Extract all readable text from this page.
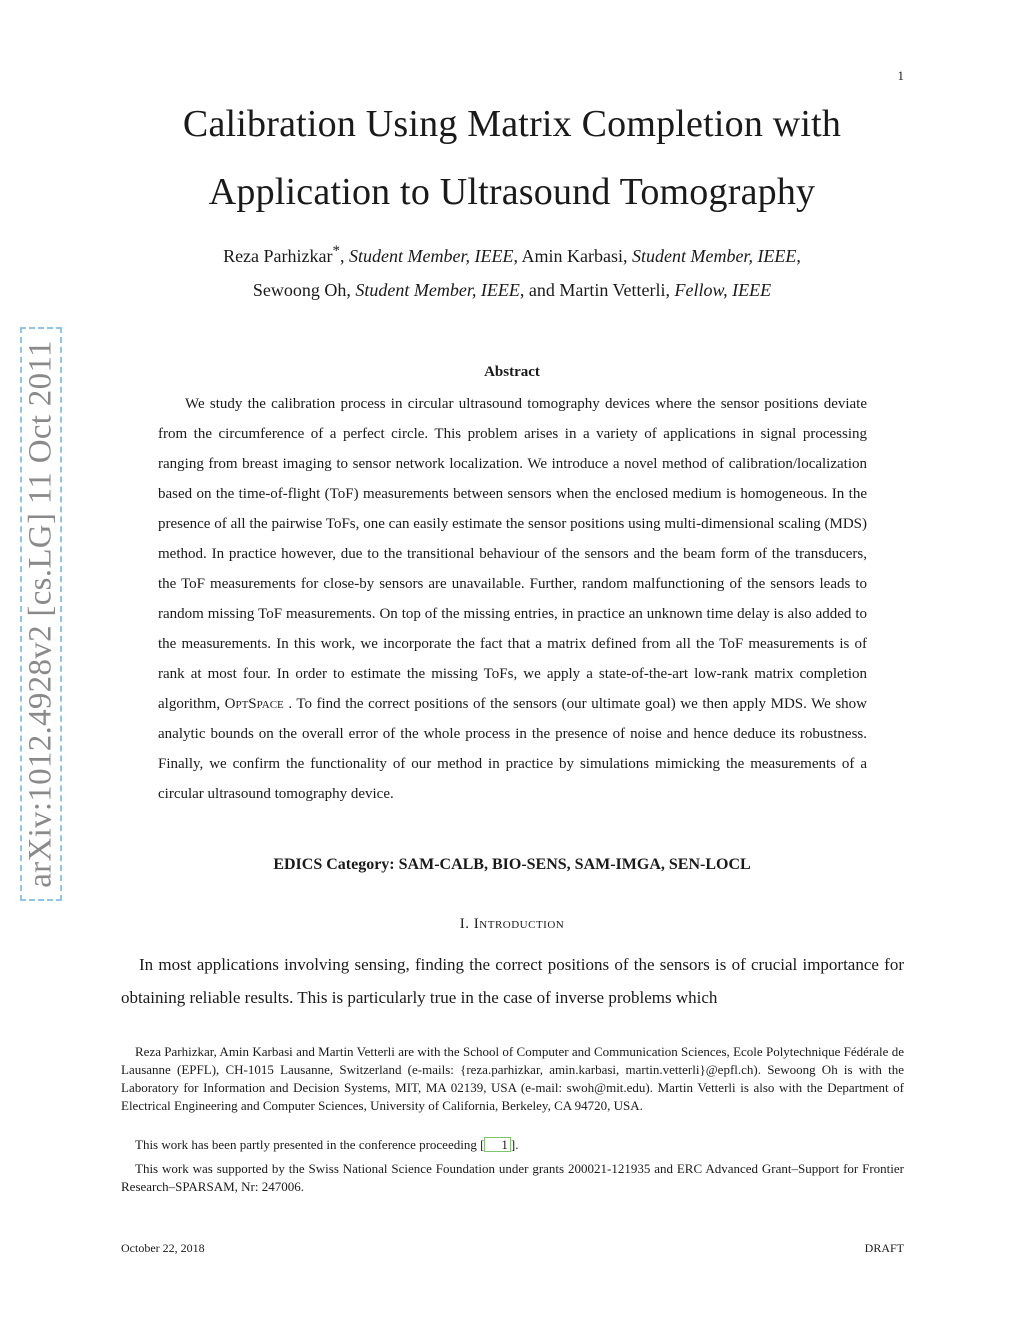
1
Calibration Using Matrix Completion with
Application to Ultrasound Tomography
Reza Parhizkar*, Student Member, IEEE, Amin Karbasi, Student Member, IEEE,
Sewoong Oh, Student Member, IEEE, and Martin Vetterli, Fellow, IEEE
arXiv:1012.4928v2 [cs.LG] 11 Oct 2011	Abstract

We study the calibration process in circular ultrasound tomography devices where the sensor positions deviate from the circumference of a perfect circle. This problem arises in a variety of applications in signal processing ranging from breast imaging to sensor network localization. We introduce a novel method of calibration/localization based on the time-of-flight (ToF) measurements between sensors when the enclosed medium is homogeneous. In the presence of all the pairwise ToFs, one can easily estimate the sensor positions using multi-dimensional scaling (MDS) method. In practice however, due to the transitional behaviour of the sensors and the beam form of the transducers, the ToF measurements for close-by sensors are unavailable. Further, random malfunctioning of the sensors leads to random missing ToF measurements. On top of the missing entries, in practice an unknown time delay is also added to the measurements. In this work, we incorporate the fact that a matrix defined from all the ToF measurements is of rank at most four. In order to estimate the missing ToFs, we apply a state-of-the-art low-rank matrix completion algorithm, OptSpace . To find the correct positions of the sensors (our ultimate goal) we then apply MDS. We show analytic bounds on the overall error of the whole process in the presence of noise and hence deduce its robustness. Finally, we confirm the functionality of our method in practice by simulations mimicking the measurements of a circular ultrasound tomography device.

EDICS Category: SAM-CALB, BIO-SENS, SAM-IMGA, SEN-LOCL
I. Introduction

In most applications involving sensing, finding the correct positions of the sensors is of crucial importance for obtaining reliable results. This is particularly true in the case of inverse problems which

Reza Parhizkar, Amin Karbasi and Martin Vetterli are with the School of Computer and Communication Sciences, Ecole Polytechnique Fédérale de Lausanne (EPFL), CH-1015 Lausanne, Switzerland (e-mails: {reza.parhizkar, amin.karbasi, martin.vetterli}@epfl.ch). Sewoong Oh is with the Laboratory for Information and Decision Systems, MIT, MA 02139, USA (e-mail: swoh@mit.edu). Martin Vetterli is also with the Department of Electrical Engineering and Computer Sciences, University of California, Berkeley, CA 94720, USA.

This work has been partly presented in the conference proceeding [ 1 ].

This work was supported by the Swiss National Science Foundation under grants 200021-121935 and ERC Advanced Grant–Support for Frontier Research–SPARSAM, Nr: 247006.

October 22, 2018	DRAFT
